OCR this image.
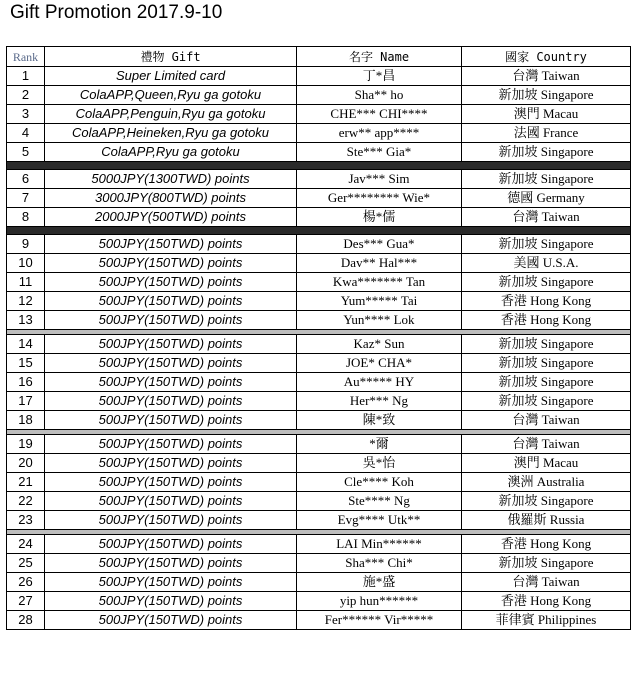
Gift Promotion 2017.9-10
Rank	禮物 Gift	名字 Name	國家 Country
1	Super Limited card	丁*昌	台灣 Taiwan
2	ColaAPP,Queen,Ryu ga gotoku	Sha** ho	新加坡 Singapore
3	ColaAPP,Penguin,Ryu ga gotoku	CHE*** CHI****	澳門 Macau
4	ColaAPP,Heineken,Ryu ga gotoku	erw** app****	法國 France
5	ColaAPP,Ryu ga gotoku	Ste*** Gia*	新加坡 Singapore

6	5000JPY(1300TWD) points	Jav*** Sim	新加坡 Singapore
7	3000JPY(800TWD) points	Ger******** Wie*	德國 Germany
8	2000JPY(500TWD) points	楊*儒	台灣 Taiwan

9	500JPY(150TWD) points	Des*** Gua*	新加坡 Singapore
10	500JPY(150TWD) points	Dav** Hal***	美國 U.S.A.
11	500JPY(150TWD) points	Kwa******* Tan	新加坡 Singapore
12	500JPY(150TWD) points	Yum***** Tai	香港 Hong Kong
13	500JPY(150TWD) points	Yun**** Lok	香港 Hong Kong

14	500JPY(150TWD) points	Kaz* Sun	新加坡 Singapore
15	500JPY(150TWD) points	JOE* CHA*	新加坡 Singapore
16	500JPY(150TWD) points	Au***** HY	新加坡 Singapore
17	500JPY(150TWD) points	Her*** Ng	新加坡 Singapore
18	500JPY(150TWD) points	陳*致	台灣 Taiwan

19	500JPY(150TWD) points	*爾	台灣 Taiwan
20	500JPY(150TWD) points	吳*怡	澳門 Macau
21	500JPY(150TWD) points	Cle**** Koh	澳洲 Australia
22	500JPY(150TWD) points	Ste**** Ng	新加坡 Singapore
23	500JPY(150TWD) points	Evg**** Utk**	俄羅斯 Russia

24	500JPY(150TWD) points	LAI Min******	香港 Hong Kong
25	500JPY(150TWD) points	Sha*** Chi*	新加坡 Singapore
26	500JPY(150TWD) points	施*盛	台灣 Taiwan
27	500JPY(150TWD) points	yip hun******	香港 Hong Kong
28	500JPY(150TWD) points	Fer****** Vir*****	菲律賓 Philippines
